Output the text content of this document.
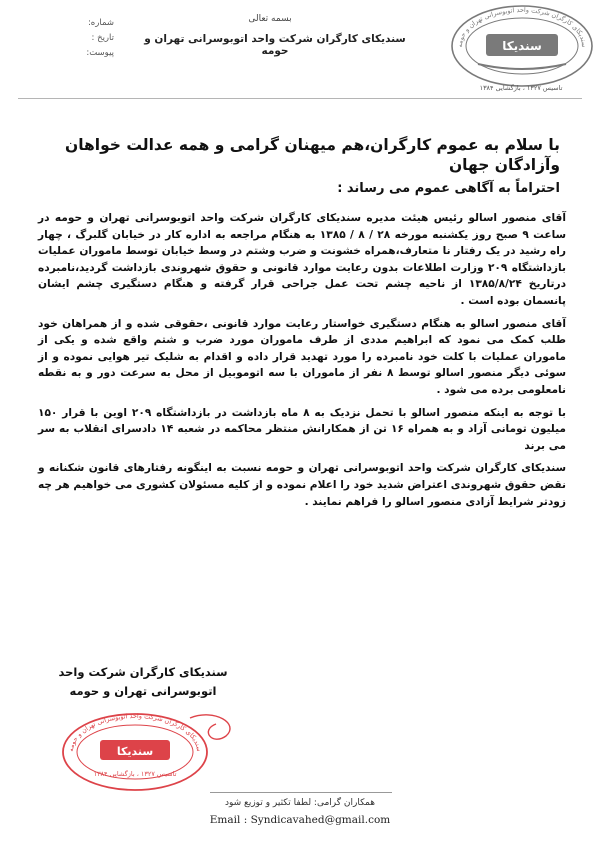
شماره:
تاریخ :
پیوست:
بسمه تعالی
سندیکای کارگران شرکت واحد اتوبوسرانی تهران و حومه	سندیکای کارگران شرکت واحد اتوبوسرانی تهران و حومه
سندیکا
تاسیس ۱۳۲۷ ، بازگشایی ۱۳۸۴
با سلام به عموم کارگران،هم میهنان گرامی و همه عدالت خواهان وآزادگان جهان
احتراماً به آگاهی عموم می رساند :

آقای منصور اسالو رئیس هیئت مدیره سندیکای کارگران شرکت واحد اتوبوسرانی تهران و حومه در ساعت ۹ صبح روز یکشنبه مورخه ۲۸ / ۸ / ۱۳۸۵ به هنگام مراجعه به اداره کار در خیابان گلبرگ ، چهار راه رشید در یک رفتار نا متعارف،همراه خشونت و ضرب وشتم در وسط خیابان توسط ماموران عملیات بازداشتگاه ۲۰۹ وزارت اطلاعات بدون رعایت موارد قانونی و حقوق شهروندی بازداشت گردید،نامبرده درتاریخ ۱۳۸۵/۸/۲۴ از ناحیه چشم تحت عمل جراحی قرار گرفته و هنگام دستگیری چشم ایشان پانسمان بوده است .

آقای منصور اسالو به هنگام دستگیری خواستار رعایت موارد قانونی ،حقوقی شده و از همراهان خود طلب کمک می نمود که ابراهیم مددی از طرف ماموران مورد ضرب و شتم واقع شده و یکی از ماموران عملیات با کلت خود نامبرده را مورد تهدید قرار داده و اقدام به شلیک تیر هوایی نموده و از سوئی دیگر منصور اسالو توسط ۸ نفر از ماموران با سه اتوموبیل از محل به سرعت دور و به نقطه نامعلومی برده می شود .

با توجه به اینکه منصور اسالو با تحمل نزدیک به ۸ ماه بازداشت در بازداشتگاه ۲۰۹ اوین با قرار ۱۵۰ میلیون تومانی آزاد و به همراه ۱۶ تن از همکارانش منتظر محاکمه در شعبه ۱۴ دادسرای انقلاب به سر می برند

سندیکای کارگران شرکت واحد اتوبوسرانی تهران و حومه نسبت به اینگونه رفتارهای قانون شکنانه و نقض حقوق شهروندی اعتراض شدید خود را اعلام نموده و از کلیه مسئولان کشوری می خواهیم هر چه زودتر شرایط آزادی منصور اسالو را فراهم نمایند .

سندیکای کارگران شرکت واحد
اتوبوسرانی تهران و حومه
سندیکای کارگران شرکت واحد اتوبوسرانی تهران و حومه
سندیکا
تاسیس ۱۳۲۷ ، بازگشایی ۱۳۸۴
همکاران گرامی: لطفا تکثیر و توزیع شود
Email : Syndicavahed@gmail.com
